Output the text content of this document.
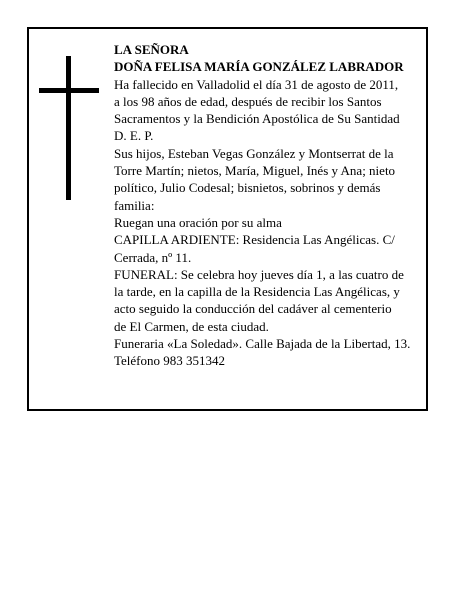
LA SEÑORA
DOÑA FELISA MARÍA GONZÁLEZ LABRADOR
Ha fallecido en Valladolid el día 31 de agosto de 2011,
a los 98 años de edad, después de recibir los Santos
Sacramentos y la Bendición Apostólica de Su Santidad
D. E. P.
Sus hijos, Esteban Vegas González y Montserrat de la
Torre Martín; nietos, María, Miguel, Inés y Ana; nieto
político, Julio Codesal; bisnietos, sobrinos y demás
familia:
Ruegan una oración por su alma
CAPILLA ARDIENTE: Residencia Las Angélicas. C/
Cerrada, nº 11.
FUNERAL: Se celebra hoy jueves día 1, a las cuatro de
la tarde, en la capilla de la Residencia Las Angélicas, y
acto seguido la conducción del cadáver al cementerio
de El Carmen, de esta ciudad.
Funeraria «La Soledad». Calle Bajada de la Libertad, 13.
Teléfono 983 351342
